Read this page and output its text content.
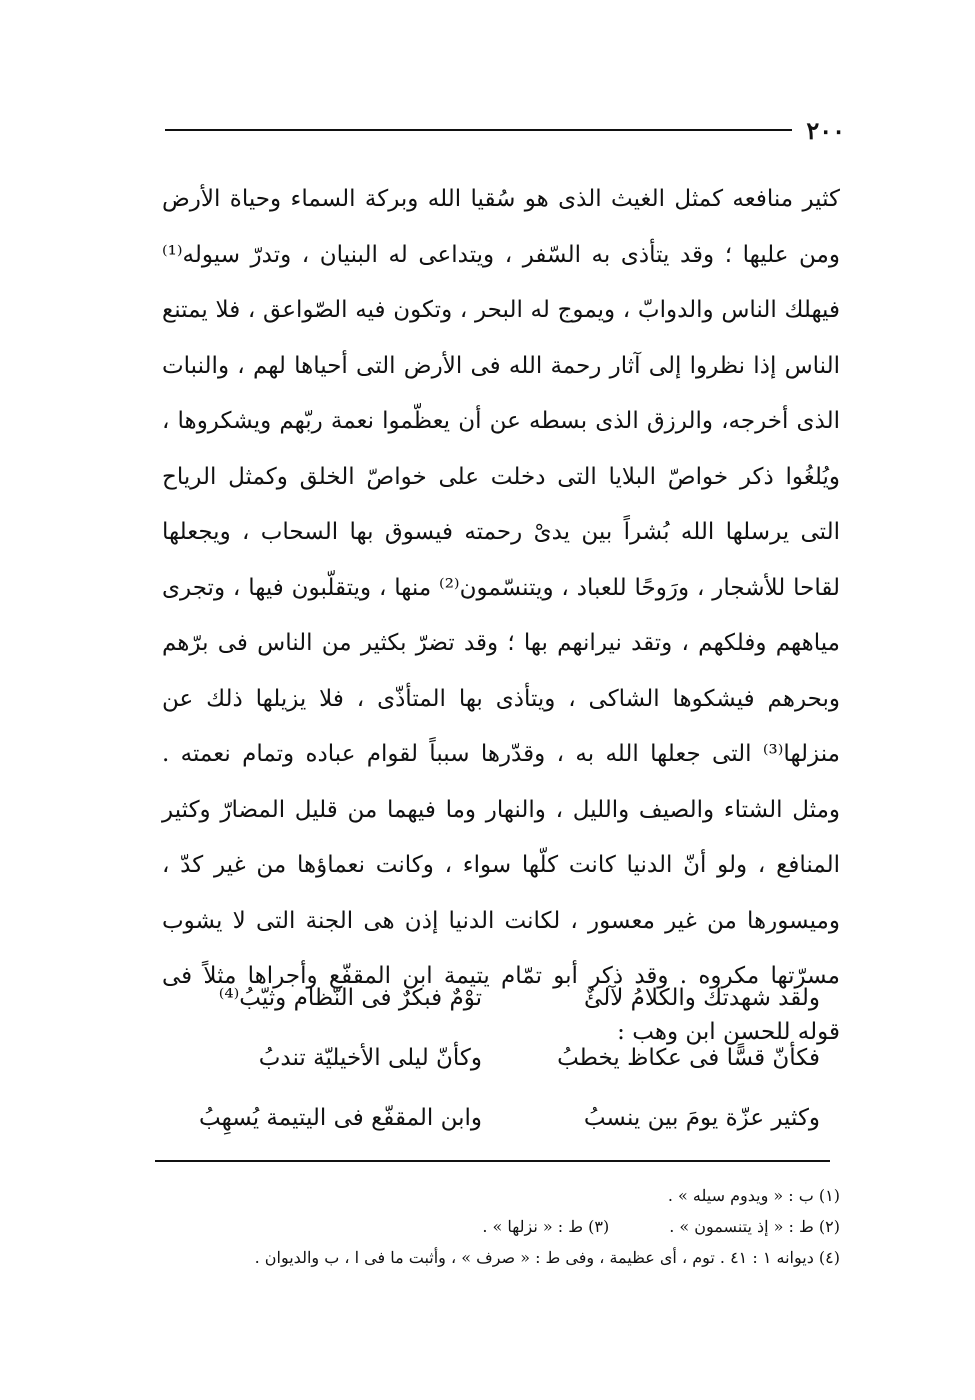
٢٠٠

كثير منافعه كمثل الغيث الذى هو سُقيا الله وبركة السماء وحياة الأرض ومن عليها ؛ وقد يتأذى به السّفر ، ويتداعى له البنيان ، وتدرّ سيوله⁽¹⁾ فيهلك الناس والدوابّ ، ويموج له البحر ، وتكون فيه الصّواعق ، فلا يمتنع الناس إذا نظروا إلى آثار رحمة الله فى الأرض التى أحياها لهم ، والنبات الذى أخرجه، والرزق الذى بسطه عن أن يعظّموا نعمة ربّهم ويشكروها ، ويُلغُوا ذكر خواصّ البلايا التى دخلت على خواصّ الخلق وكمثل الرياح التى يرسلها الله بُشراً بين يدىْ رحمته فيسوق بها السحاب ، ويجعلها لقاحا للأشجار ، ورَوحًا للعباد ، ويتنسّمون⁽²⁾ منها ، ويتقلّبون فيها ، وتجرى مياههم وفلكهم ، وتقد نيرانهم بها ؛ وقد تضرّ بكثير من الناس فى برّهم وبحرهم فيشكوها الشاكى ، ويتأذى بها المتأذّى ، فلا يزيلها ذلك عن منزلها⁽³⁾ التى جعلها الله به ، وقدّرها سبباً لقوام عباده وتمام نعمته . ومثل الشتاء والصيف والليل ، والنهار وما فيهما من قليل المضارّ وكثير المنافع ، ولو أنّ الدنيا كانت كلّها سواء ، وكانت نعماؤها من غير كدّ ، وميسورها من غير معسور ، لكانت الدنيا إذن هى الجنة التى لا يشوب مسرّتها مكروه . وقد ذكر أبو تمّام يتيمة ابن المقفّع وأجراها مثلاً فى قوله للحسن ابن وهب :

ولقد شهدتك والكلامُ لآلئٌ
توْمٌ فبكرٌ فى النّظام وثيّبُ⁽⁴⁾
فكأنّ قسًّا فى عكاظ يخطبُ
وكأنّ ليلى الأخيليّة تندبُ
وكثير عزّة يومَ بين ينسبُ
وابن المقفّع فى اليتيمة يُسهِبُ
(١) ب : « ويدوم سيله » .
(٢) ط : « إذ يتنسمون » .
(٣) ط : « نزلها » .
(٤) ديوانه ١ : ٤١ . توم ، أى عظيمة ، وفى ط : « صرف » ، وأثبت ما فى ا ، ب والديوان .
